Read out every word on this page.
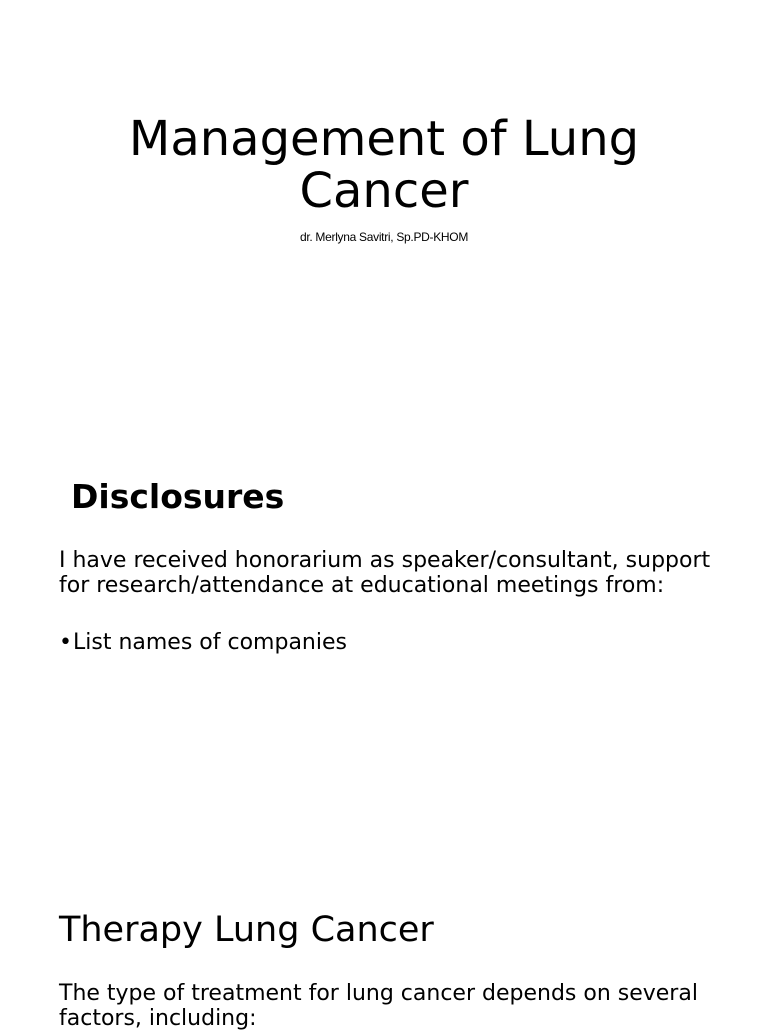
Management of Lung Cancer

dr. Merlyna Savitri, Sp.PD-KHOM

Disclosures

I have received honorarium as speaker/consultant, support for research/attendance at educational meetings from:

• List names of companies

Therapy Lung Cancer

The type of treatment for lung cancer depends on several factors, including:
